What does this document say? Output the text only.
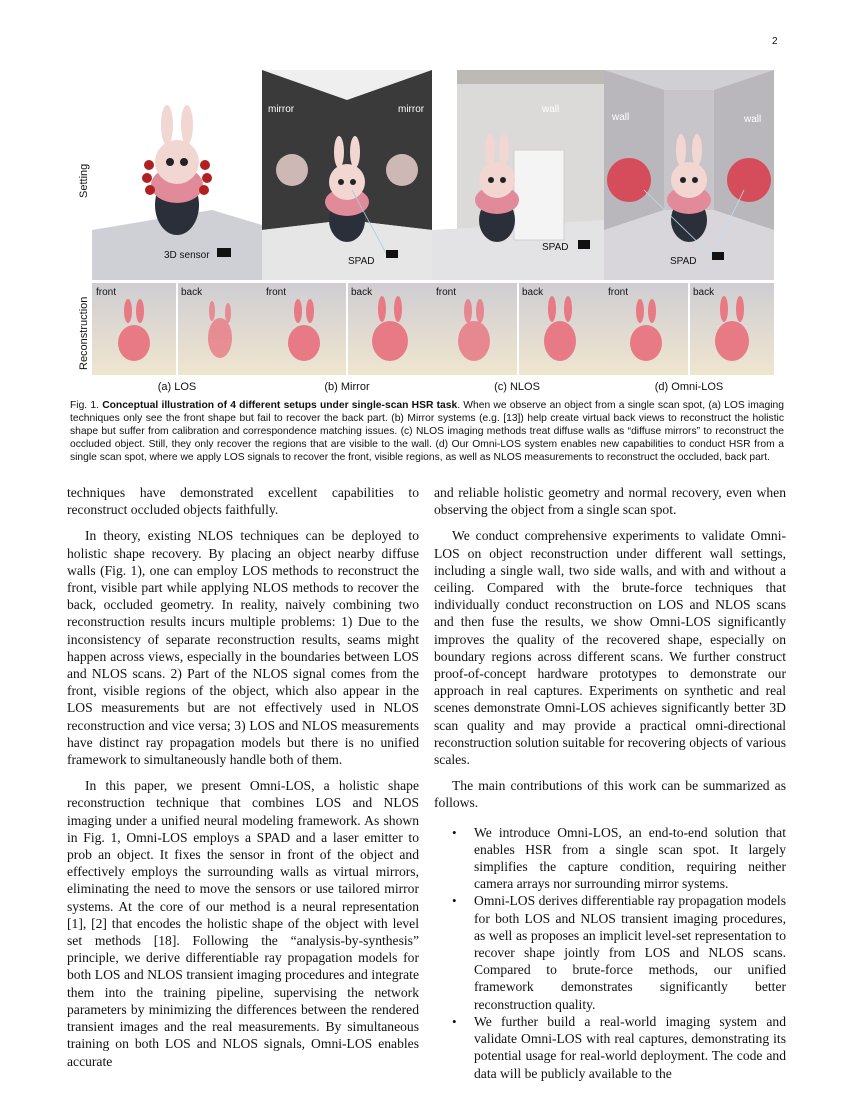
2
Setting
Reconstruction
3D sensor
mirror	mirror
SPAD
wall
SPAD
wall	wall
SPAD
front	back	front	back	front	back	front	back
(a) LOS	(b) Mirror	(c) NLOS	(d) Omni-LOS
Fig. 1. Conceptual illustration of 4 different setups under single-scan HSR task. When we observe an object from a single scan spot, (a) LOS imaging techniques only see the front shape but fail to recover the back part. (b) Mirror systems (e.g. [13]) help create virtual back views to reconstruct the holistic shape but suffer from calibration and correspondence matching issues. (c) NLOS imaging methods treat diffuse walls as “diffuse mirrors” to reconstruct the occluded object. Still, they only recover the regions that are visible to the wall. (d) Our Omni-LOS system enables new capabilities to conduct HSR from a single scan spot, where we apply LOS signals to recover the front, visible regions, as well as NLOS measurements to reconstruct the occluded, back part.

techniques have demonstrated excellent capabilities to reconstruct occluded objects faithfully.

In theory, existing NLOS techniques can be deployed to holistic shape recovery. By placing an object nearby diffuse walls (Fig. 1), one can employ LOS methods to reconstruct the front, visible part while applying NLOS methods to recover the back, occluded geometry. In reality, naively combining two reconstruction results incurs multiple problems: 1) Due to the inconsistency of separate reconstruction results, seams might happen across views, especially in the boundaries between LOS and NLOS scans. 2) Part of the NLOS signal comes from the front, visible regions of the object, which also appear in the LOS measurements but are not effectively used in NLOS reconstruction and vice versa; 3) LOS and NLOS measurements have distinct ray propagation models but there is no unified framework to simultaneously handle both of them.

In this paper, we present Omni-LOS, a holistic shape reconstruction technique that combines LOS and NLOS imaging under a unified neural modeling framework. As shown in Fig. 1, Omni-LOS employs a SPAD and a laser emitter to prob an object. It fixes the sensor in front of the object and effectively employs the surrounding walls as virtual mirrors, eliminating the need to move the sensors or use tailored mirror systems. At the core of our method is a neural representation [1], [2] that encodes the holistic shape of the object with level set methods [18]. Following the “analysis-by-synthesis” principle, we derive differentiable ray propagation models for both LOS and NLOS transient imaging procedures and integrate them into the training pipeline, supervising the network parameters by minimizing the differences between the rendered transient images and the real measurements. By simultaneous training on both LOS and NLOS signals, Omni-LOS enables accurate

and reliable holistic geometry and normal recovery, even when observing the object from a single scan spot.

We conduct comprehensive experiments to validate Omni-LOS on object reconstruction under different wall settings, including a single wall, two side walls, and with and without a ceiling. Compared with the brute-force techniques that individually conduct reconstruction on LOS and NLOS scans and then fuse the results, we show Omni-LOS significantly improves the quality of the recovered shape, especially on boundary regions across different scans. We further construct proof-of-concept hardware prototypes to demonstrate our approach in real captures. Experiments on synthetic and real scenes demonstrate Omni-LOS achieves significantly better 3D scan quality and may provide a practical omni-directional reconstruction solution suitable for recovering objects of various scales.

The main contributions of this work can be summarized as follows.

• We introduce Omni-LOS, an end-to-end solution that enables HSR from a single scan spot. It largely simplifies the capture condition, requiring neither camera arrays nor surrounding mirror systems.
• Omni-LOS derives differentiable ray propagation models for both LOS and NLOS transient imaging procedures, as well as proposes an implicit level-set representation to recover shape jointly from LOS and NLOS scans. Compared to brute-force methods, our unified framework demonstrates significantly better reconstruction quality.
• We further build a real-world imaging system and validate Omni-LOS with real captures, demonstrating its potential usage for real-world deployment. The code and data will be publicly available to the
